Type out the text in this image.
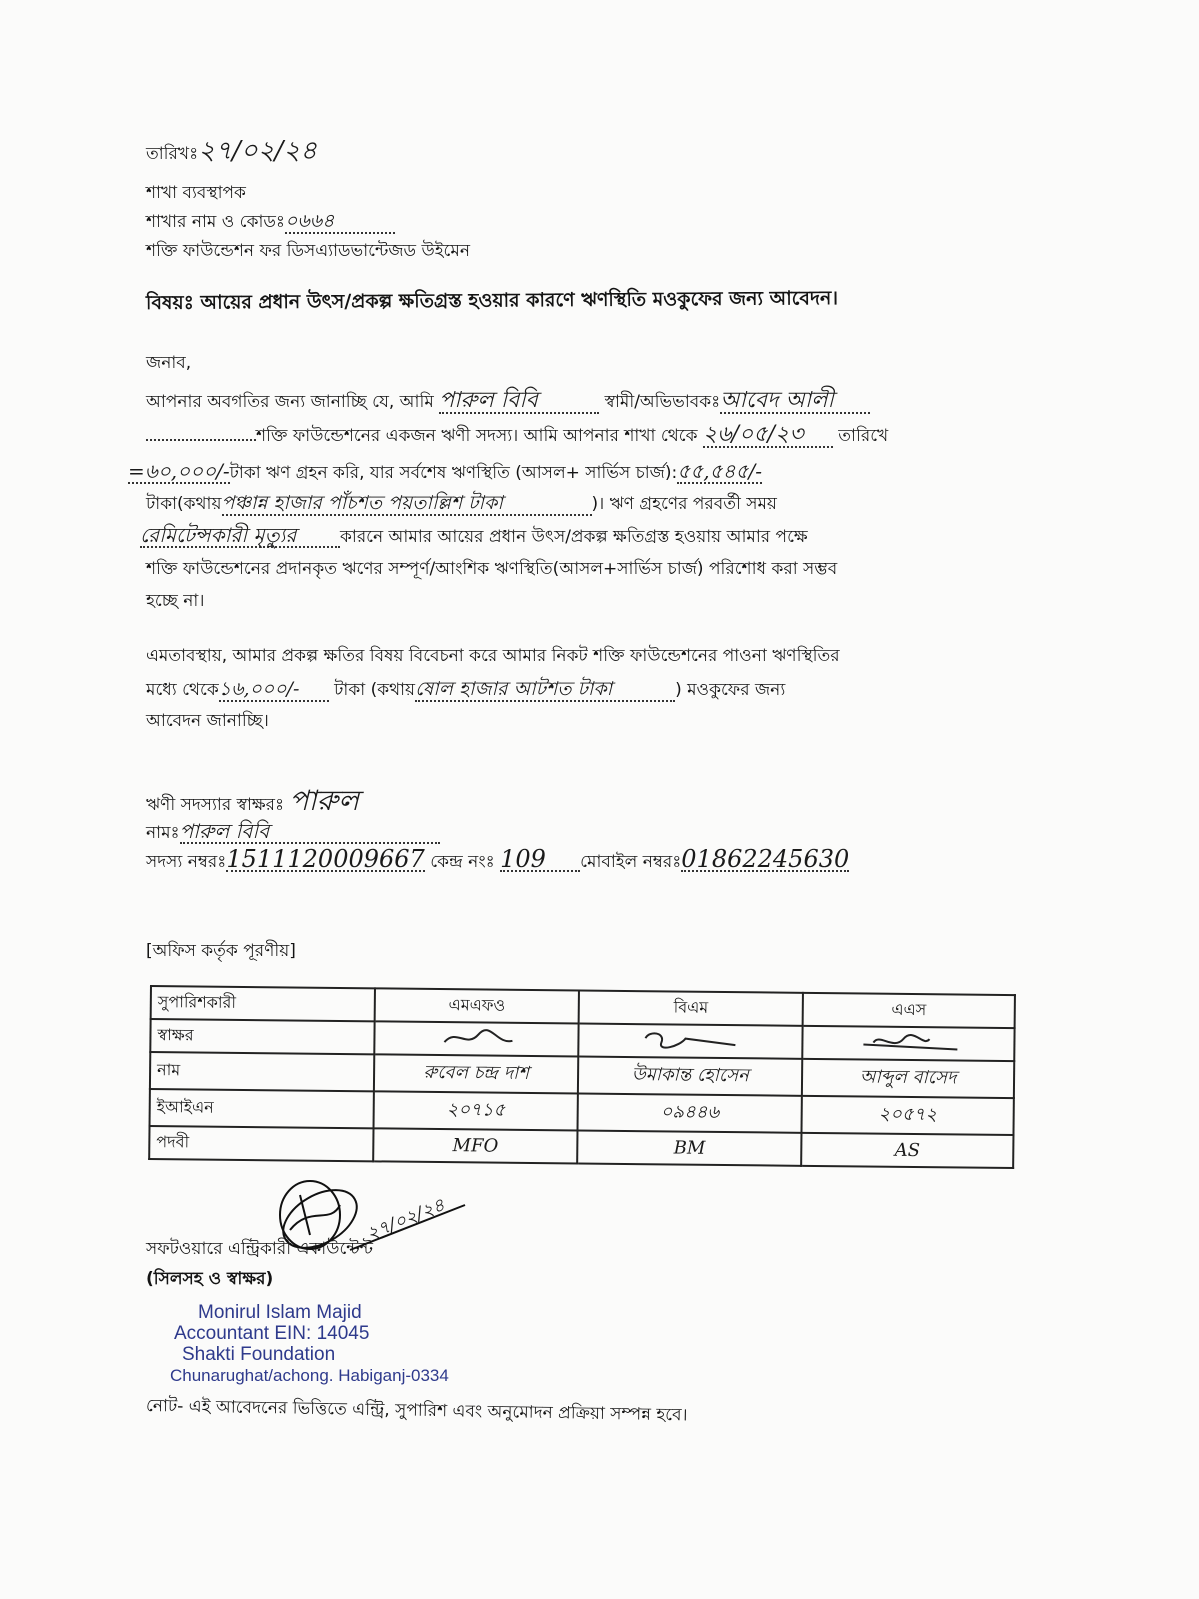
তারিখঃ২৭/০২/২৪
শাখা ব্যবস্থাপক
শাখার নাম ও কোডঃ০৬৬৪
শক্তি ফাউন্ডেশন ফর ডিসএ্যাডভান্টেজড উইমেন
বিষয়ঃ আয়ের প্রধান উৎস/প্রকল্প ক্ষতিগ্রস্ত হওয়ার কারণে ঋণস্থিতি মওকুফের জন্য আবেদন।
জনাব,
আপনার অবগতির জন্য জানাচ্ছি যে, আমি পারুল বিবি	স্বামী/অভিভাবকঃআবেদ আলী
শক্তি ফাউন্ডেশনের একজন ঋণী সদস্য। আমি আপনার শাখা থেকে ২৬/০৫/২৩ তারিখে
=৬০,০০০/-টাকা ঋণ গ্রহন করি, যার সর্বশেষ ঋণস্থিতি (আসল+ সার্ভিস চার্জ):৫৫,৫৪৫/-
টাকা(কথায়পঞ্চান্ন হাজার পাঁচশত পয়তাল্লিশ টাকা	)। ঋণ গ্রহণের পরবর্তী সময়
রেমিটেন্সকারী মৃত্যুর	কারনে আমার আয়ের প্রধান উৎস/প্রকল্প ক্ষতিগ্রস্ত হওয়ায় আমার পক্ষে
শক্তি ফাউন্ডেশনের প্রদানকৃত ঋণের সম্পূর্ণ/আংশিক ঋণস্থিতি(আসল+সার্ভিস চার্জ) পরিশোধ করা সম্ভব
হচ্ছে না।
এমতাবস্থায়, আমার প্রকল্প ক্ষতির বিষয় বিবেচনা করে আমার নিকট শক্তি ফাউন্ডেশনের পাওনা ঋণস্থিতির
মধ্যে থেকে১৬,০০০/- টাকা (কথায়ষোল হাজার আটশত টাকা	) মওকুফের জন্য
আবেদন জানাচ্ছি।
ঋণী সদস্যার স্বাক্ষরঃ পারুল
নামঃপারুল বিবি
সদস্য নম্বরঃ1511120009667 কেন্দ্র নংঃ 109 মোবাইল নম্বরঃ01862245630
[অফিস কর্তৃক পূরণীয়]
সুপারিশকারী	এমএফও	বিএম	এএস
স্বাক্ষর			
নাম	রুবেল চন্দ্র দাশ	উমাকান্ত হোসেন	আব্দুল বাসেদ
ইআইএন	২০৭১৫	০৯৪৪৬	২০৫৭২
পদবী	MFO	BM	AS
২৭/০২/২৪
সফটওয়ারে এন্ট্রিকারী একাউন্টেন্ট
(সিলসহ ও স্বাক্ষর)
Monirul Islam Majid
Accountant EIN: 14045
Shakti Foundation
Chunarughat/achong. Habiganj-0334
নোট- এই আবেদনের ভিত্তিতে এন্ট্রি, সুপারিশ এবং অনুমোদন প্রক্রিয়া সম্পন্ন হবে।
